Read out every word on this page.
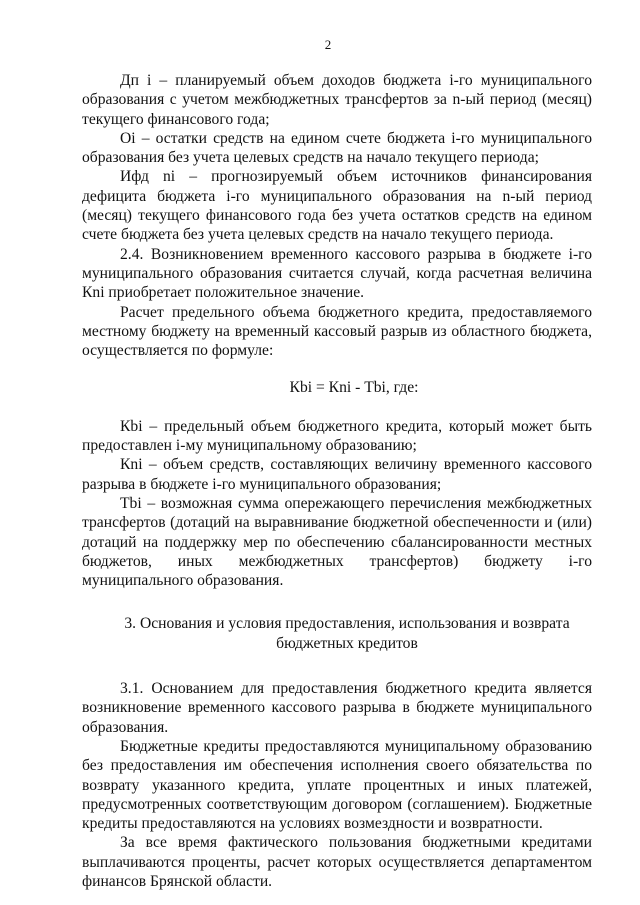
2

Дп i – планируемый объем доходов бюджета i-го муниципального образования с учетом межбюджетных трансфертов за n-ый период (месяц) текущего финансового года;

Oi – остатки средств на едином счете бюджета i-го муниципального образования без учета целевых средств на начало текущего периода;

Ифд ni – прогнозируемый объем источников финансирования дефицита бюджета i-го муниципального образования на n-ый период (месяц) текущего финансового года без учета остатков средств на едином счете бюджета без учета целевых средств на начало текущего периода.

2.4. Возникновением временного кассового разрыва в бюджете i-го муниципального образования считается случай, когда расчетная величина Кni приобретает положительное значение.

Расчет предельного объема бюджетного кредита, предоставляемого местному бюджету на временный кассовый разрыв из областного бюджета, осуществляется по формуле:

Кbi = Кni - Тbi, где:

Кbi – предельный объем бюджетного кредита, который может быть предоставлен i-му муниципальному образованию;

Кni – объем средств, составляющих величину временного кассового разрыва в бюджете i-го муниципального образования;

Тbi – возможная сумма опережающего перечисления межбюджетных трансфертов (дотаций на выравнивание бюджетной обеспеченности и (или) дотаций на поддержку мер по обеспечению сбалансированности местных бюджетов, иных межбюджетных трансфертов) бюджету i-го муниципального образования.

3. Основания и условия предоставления, использования и возврата
бюджетных кредитов

3.1. Основанием для предоставления бюджетного кредита является возникновение временного кассового разрыва в бюджете муниципального образования.

Бюджетные кредиты предоставляются муниципальному образованию без предоставления им обеспечения исполнения своего обязательства по возврату указанного кредита, уплате процентных и иных платежей, предусмотренных соответствующим договором (соглашением). Бюджетные кредиты предоставляются на условиях возмездности и возвратности.

За все время фактического пользования бюджетными кредитами выплачиваются проценты, расчет которых осуществляется департаментом финансов Брянской области.
